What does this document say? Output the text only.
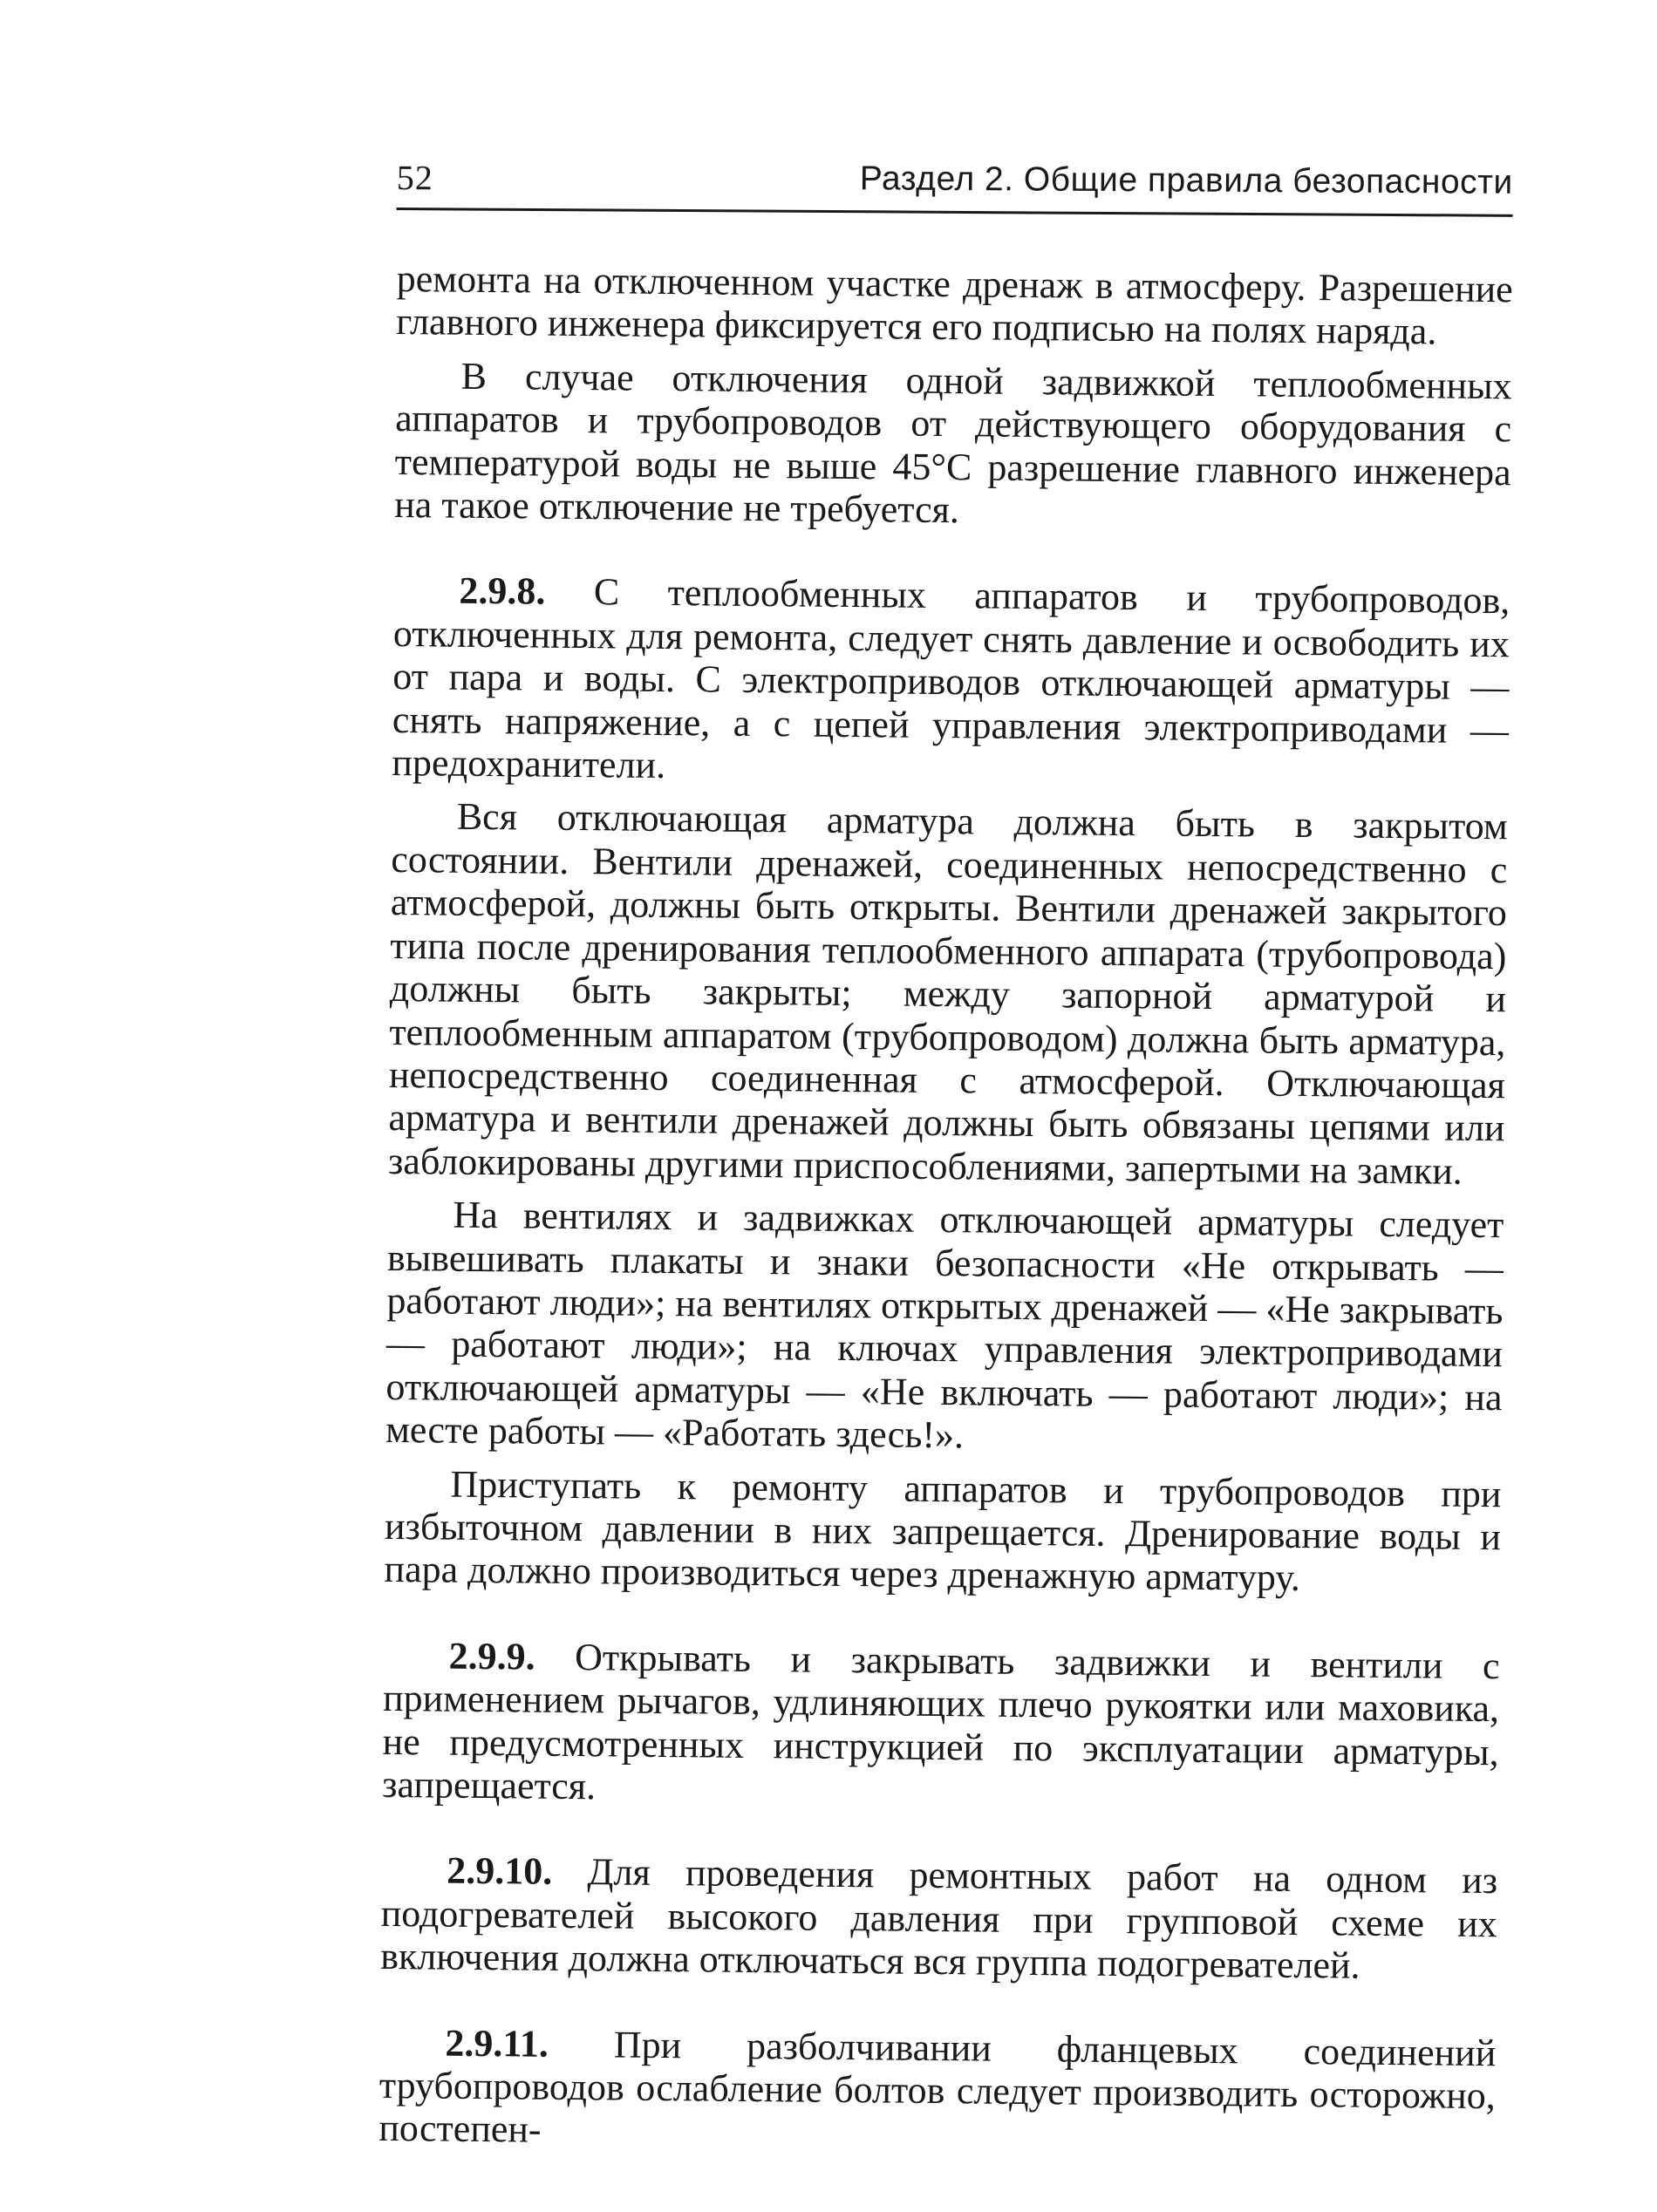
52	Раздел 2. Общие правила безопасности

ремонта на отключенном участке дренаж в атмосферу. Разрешение главного инженера фиксируется его подписью на полях наряда.

В случае отключения одной задвижкой теплообменных аппаратов и трубопроводов от действующего оборудования с температурой воды не выше 45°С разрешение главного инженера на такое отключение не требуется.

2.9.8. С теплообменных аппаратов и трубопроводов, отключенных для ремонта, следует снять давление и освободить их от пара и воды. С электроприводов отключающей арматуры — снять напряжение, а с цепей управления электроприводами — предохранители.

Вся отключающая арматура должна быть в закрытом состоянии. Вентили дренажей, соединенных непосредственно с атмосферой, должны быть открыты. Вентили дренажей закрытого типа после дренирования теплообменного аппарата (трубопровода) должны быть закрыты; между запорной арматурой и теплообменным аппаратом (трубопроводом) должна быть арматура, непосредственно соединенная с атмосферой. Отключающая арматура и вентили дренажей должны быть обвязаны цепями или заблокированы другими приспособлениями, запертыми на замки.

На вентилях и задвижках отключающей арматуры следует вывешивать плакаты и знаки безопасности «Не открывать — работают люди»; на вентилях открытых дренажей — «Не закрывать — работают люди»; на ключах управления электроприводами отключающей арматуры — «Не включать — работают люди»; на месте работы — «Работать здесь!».

Приступать к ремонту аппаратов и трубопроводов при избыточном давлении в них запрещается. Дренирование воды и пара должно производиться через дренажную арматуру.

2.9.9. Открывать и закрывать задвижки и вентили с применением рычагов, удлиняющих плечо рукоятки или маховика, не предусмотренных инструкцией по эксплуатации арматуры, запрещается.

2.9.10. Для проведения ремонтных работ на одном из подогревателей высокого давления при групповой схеме их включения должна отключаться вся группа подогревателей.

2.9.11. При разболчивании фланцевых соединений трубопроводов ослабление болтов следует производить осторожно, постепен-
